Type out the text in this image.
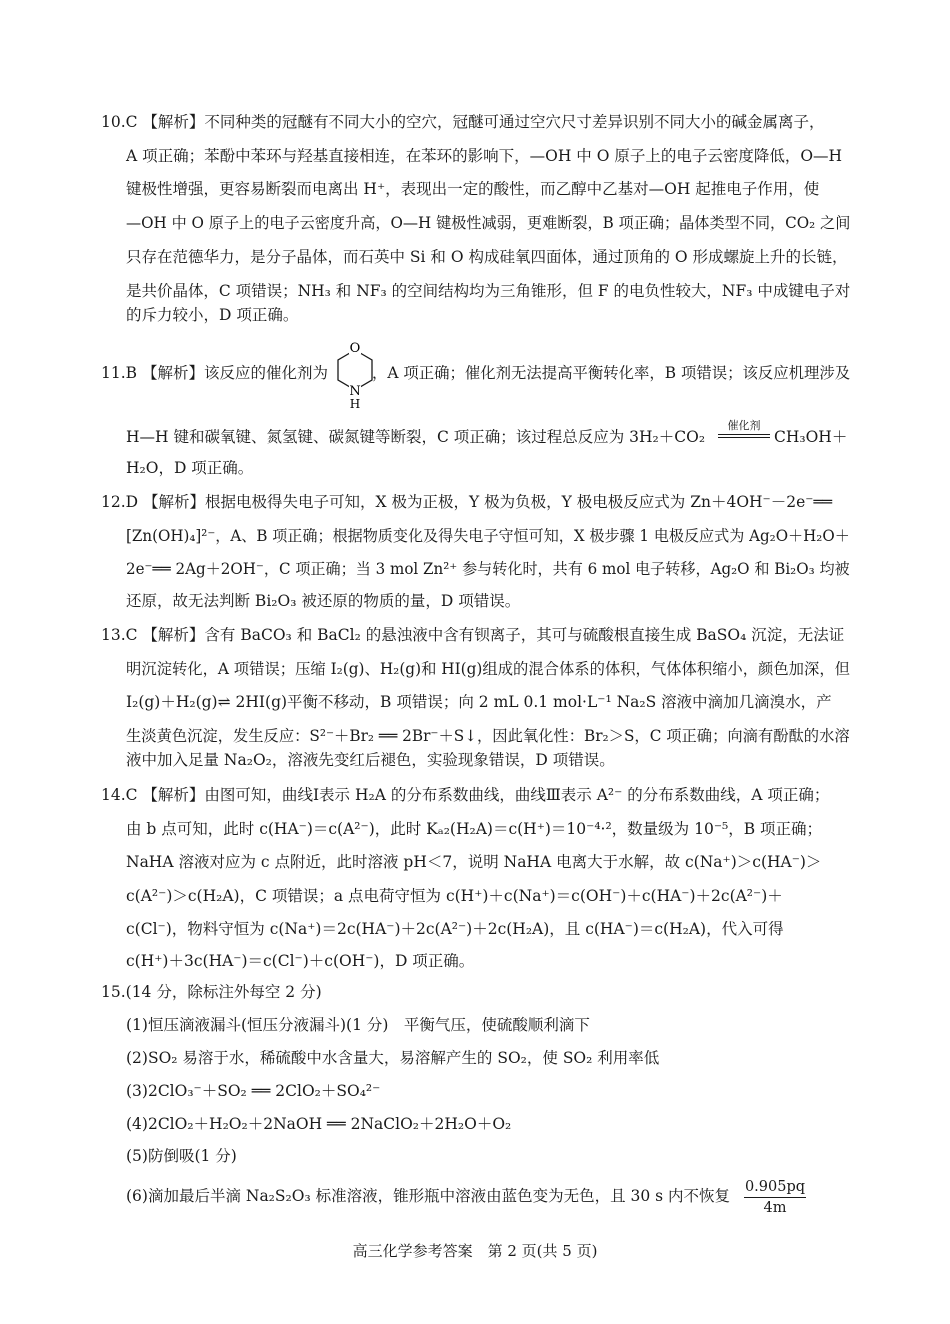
10.C 【解析】不同种类的冠醚有不同大小的空穴，冠醚可通过空穴尺寸差异识别不同大小的碱金属离子，
A 项正确；苯酚中苯环与羟基直接相连，在苯环的影响下，—OH 中 O 原子上的电子云密度降低，O—H
键极性增强，更容易断裂而电离出 H⁺，表现出一定的酸性，而乙醇中乙基对—OH 起推电子作用，使
—OH 中 O 原子上的电子云密度升高，O—H 键极性减弱，更难断裂，B 项正确；晶体类型不同，CO₂ 之间
只存在范德华力，是分子晶体，而石英中 Si 和 O 构成硅氧四面体，通过顶角的 O 形成螺旋上升的长链，
是共价晶体，C 项错误；NH₃ 和 NF₃ 的空间结构均为三角锥形，但 F 的电负性较大，NF₃ 中成键电子对
的斥力较小，D 项正确。
11.B 【解析】该反应的催化剂为
O
N
H
，A 项正确；催化剂无法提高平衡转化率，B 项错误；该反应机理涉及
H—H 键和碳氧键、氮氢键、碳氮键等断裂，C 项正确；该过程总反应为 3H₂＋CO₂
催化剂
CH₃OH＋
H₂O，D 项正确。
12.D 【解析】根据电极得失电子可知，X 极为正极，Y 极为负极，Y 极电极反应式为 Zn＋4OH⁻－2e⁻══
[Zn(OH)₄]²⁻，A、B 项正确；根据物质变化及得失电子守恒可知，X 极步骤 1 电极反应式为 Ag₂O＋H₂O＋
2e⁻══ 2Ag＋2OH⁻，C 项正确；当 3 mol Zn²⁺ 参与转化时，共有 6 mol 电子转移，Ag₂O 和 Bi₂O₃ 均被
还原，故无法判断 Bi₂O₃ 被还原的物质的量，D 项错误。
13.C 【解析】含有 BaCO₃ 和 BaCl₂ 的悬浊液中含有钡离子，其可与硫酸根直接生成 BaSO₄ 沉淀，无法证
明沉淀转化，A 项错误；压缩 I₂(g)、H₂(g)和 HI(g)组成的混合体系的体积，气体体积缩小，颜色加深，但
I₂(g)＋H₂(g)⇌ 2HI(g)平衡不移动，B 项错误；向 2 mL 0.1 mol·L⁻¹ Na₂S 溶液中滴加几滴溴水，产
生淡黄色沉淀，发生反应：S²⁻＋Br₂ ══ 2Br⁻＋S↓，因此氧化性：Br₂＞S，C 项正确；向滴有酚酞的水溶
液中加入足量 Na₂O₂，溶液先变红后褪色，实验现象错误，D 项错误。
14.C 【解析】由图可知，曲线Ⅰ表示 H₂A 的分布系数曲线，曲线Ⅲ表示 A²⁻ 的分布系数曲线，A 项正确；
由 b 点可知，此时 c(HA⁻)＝c(A²⁻)，此时 Kₐ₂(H₂A)＝c(H⁺)＝10⁻⁴·²，数量级为 10⁻⁵，B 项正确；
NaHA 溶液对应为 c 点附近，此时溶液 pH＜7，说明 NaHA 电离大于水解，故 c(Na⁺)＞c(HA⁻)＞
c(A²⁻)＞c(H₂A)，C 项错误；a 点电荷守恒为 c(H⁺)＋c(Na⁺)＝c(OH⁻)＋c(HA⁻)＋2c(A²⁻)＋
c(Cl⁻)，物料守恒为 c(Na⁺)＝2c(HA⁻)＋2c(A²⁻)＋2c(H₂A)，且 c(HA⁻)＝c(H₂A)，代入可得
c(H⁺)＋3c(HA⁻)＝c(Cl⁻)＋c(OH⁻)，D 项正确。
15.(14 分，除标注外每空 2 分)
(1)恒压滴液漏斗(恒压分液漏斗)(1 分)　平衡气压，使硫酸顺利滴下
(2)SO₂ 易溶于水，稀硫酸中水含量大，易溶解产生的 SO₂，使 SO₂ 利用率低
(3)2ClO₃⁻＋SO₂ ══ 2ClO₂＋SO₄²⁻
(4)2ClO₂＋H₂O₂＋2NaOH ══ 2NaClO₂＋2H₂O＋O₂
(5)防倒吸(1 分)
(6)滴加最后半滴 Na₂S₂O₃ 标准溶液，锥形瓶中溶液由蓝色变为无色，且 30 s 内不恢复 0.905pq
4m
高三化学参考答案　第 2 页(共 5 页)
